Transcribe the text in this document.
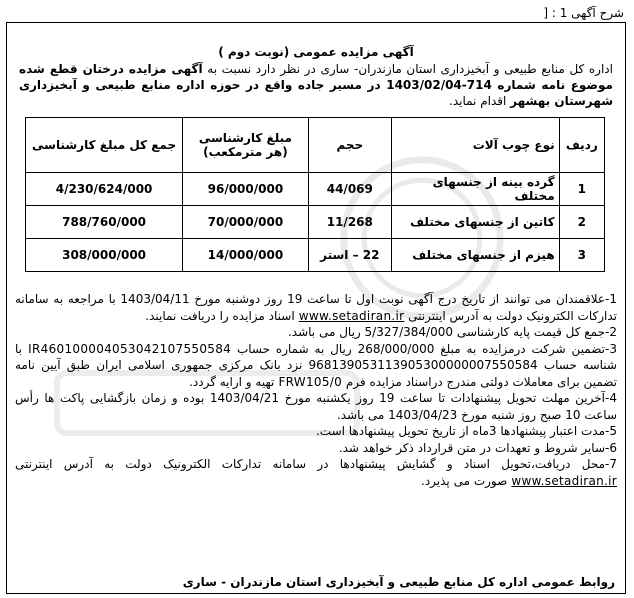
شرح آگهی 1 : [
آگهی مزایده عمومی (نوبت دوم )
اداره کل منابع طبیعی و آبخیزداری استان مازندران- ساری در نظر دارد نسبت به آگهی مزایده درختان قطع شده موضوع نامه شماره 714-1403/02/04 در مسیر جاده واقع در حوزه اداره منابع طبیعی و آبخیزداری شهرستان بهشهر اقدام نماید.
ردیف	نوع چوب آلات	حجم	مبلغ کارشناسی (هر مترمکعب)	جمع کل مبلغ کارشناسی
1	گرده بینه از جنسهای مختلف	44/069	96/000/000	4/230/624/000
2	کاتین از جنسهای مختلف	11/268	70/000/000	788/760/000
3	هیزم از جنسهای مختلف	22 – استر	14/000/000	308/000/000

1-علاقمندان می توانند از تاریخ درج آگهی نوبت اول تا ساعت 19 روز دوشنبه مورخ 1403/04/11 با مراجعه به سامانه تدارکات الکترونیک دولت به آدرس اینترنتی www.setadiran.ir اسناد مزایده را دریافت نمایند.

2-جمع کل قیمت پایه کارشناسی 5/327/384/000 ریال می باشد.

3-تضمین شرکت درمزایده به مبلغ 268/000/000 ریال به شماره حساب IR460100004053042107550584 با شناسه حساب 968139053113905300000007550584 نزد بانک مرکزی جمهوری اسلامی ایران طبق آیین نامه تضمین برای معاملات دولتی مندرج دراسناد مزایده فرم FRW105/0 تهیه و ارایه گردد.

4-آخرین مهلت تحویل پیشنهادات تا ساعت 19 روز یکشنبه مورخ 1403/04/21 بوده و زمان بازگشایی پاکت ها رأس ساعت 10 صبح روز شنبه مورخ 1403/04/23 می باشد.

5-مدت اعتبار پیشنهادها 3ماه از تاریخ تحویل پیشنهادها است.

6-سایر شروط و تعهدات در متن قرارداد ذکر خواهد شد.

7-محل دریافت،تحویل اسناد و گشایش پیشنهادها در سامانه تدارکات الکترونیک دولت به آدرس اینترنتی www.setadiran.ir صورت می پذیرد.

روابط عمومی اداره کل منابع طبیعی و آبخیزداری استان مازندران - ساری
